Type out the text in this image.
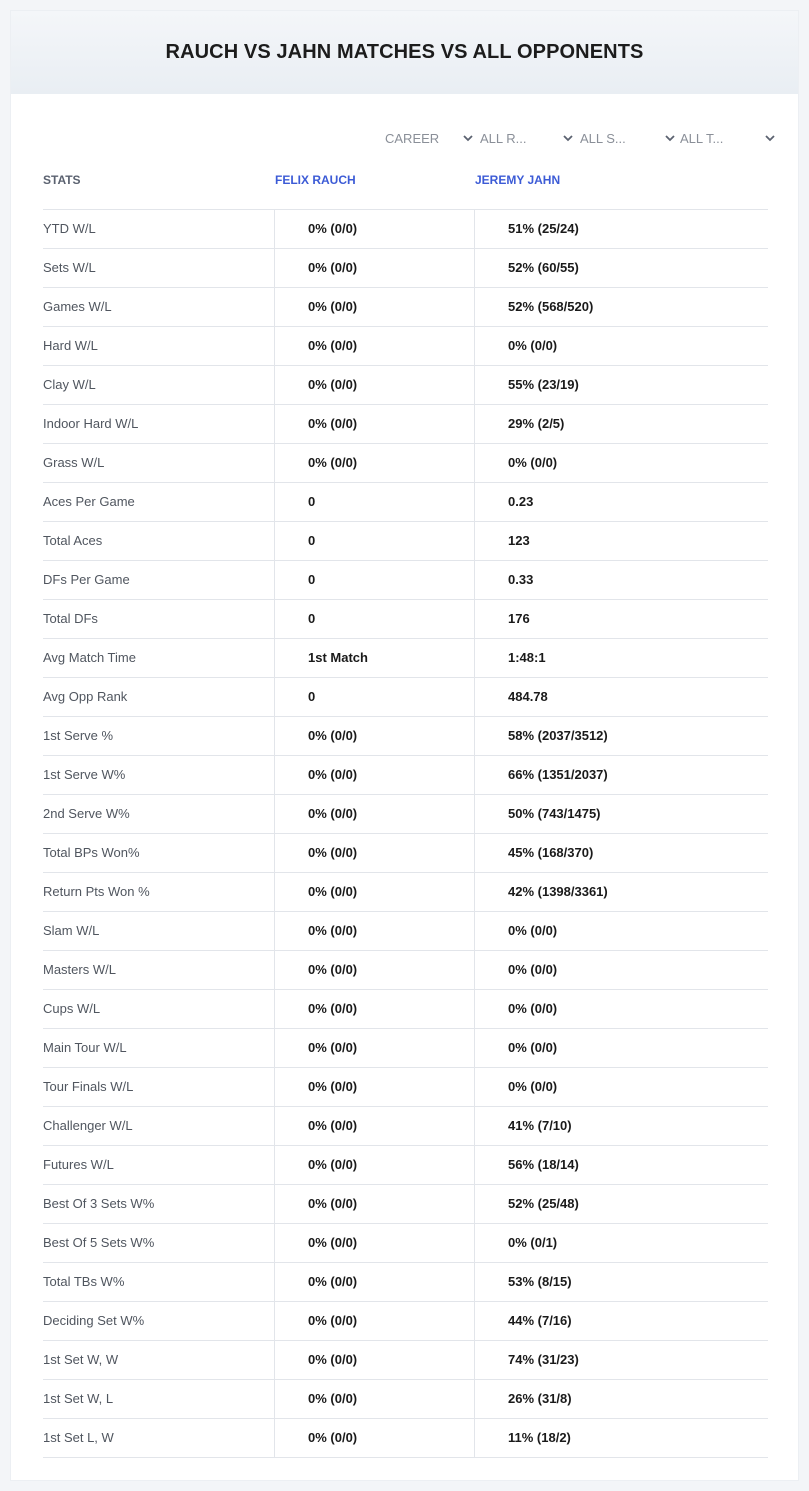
RAUCH VS JAHN MATCHES VS ALL OPPONENTS
CAREER	ALL R...	ALL S...	ALL T...
STATS	FELIX RAUCH	JEREMY JAHN
YTD W/L	0% (0/0)	51% (25/24)
Sets W/L	0% (0/0)	52% (60/55)
Games W/L	0% (0/0)	52% (568/520)
Hard W/L	0% (0/0)	0% (0/0)
Clay W/L	0% (0/0)	55% (23/19)
Indoor Hard W/L	0% (0/0)	29% (2/5)
Grass W/L	0% (0/0)	0% (0/0)
Aces Per Game	0	0.23
Total Aces	0	123
DFs Per Game	0	0.33
Total DFs	0	176
Avg Match Time	1st Match	1:48:1
Avg Opp Rank	0	484.78
1st Serve %	0% (0/0)	58% (2037/3512)
1st Serve W%	0% (0/0)	66% (1351/2037)
2nd Serve W%	0% (0/0)	50% (743/1475)
Total BPs Won%	0% (0/0)	45% (168/370)
Return Pts Won %	0% (0/0)	42% (1398/3361)
Slam W/L	0% (0/0)	0% (0/0)
Masters W/L	0% (0/0)	0% (0/0)
Cups W/L	0% (0/0)	0% (0/0)
Main Tour W/L	0% (0/0)	0% (0/0)
Tour Finals W/L	0% (0/0)	0% (0/0)
Challenger W/L	0% (0/0)	41% (7/10)
Futures W/L	0% (0/0)	56% (18/14)
Best Of 3 Sets W%	0% (0/0)	52% (25/48)
Best Of 5 Sets W%	0% (0/0)	0% (0/1)
Total TBs W%	0% (0/0)	53% (8/15)
Deciding Set W%	0% (0/0)	44% (7/16)
1st Set W, W	0% (0/0)	74% (31/23)
1st Set W, L	0% (0/0)	26% (31/8)
1st Set L, W	0% (0/0)	11% (18/2)
